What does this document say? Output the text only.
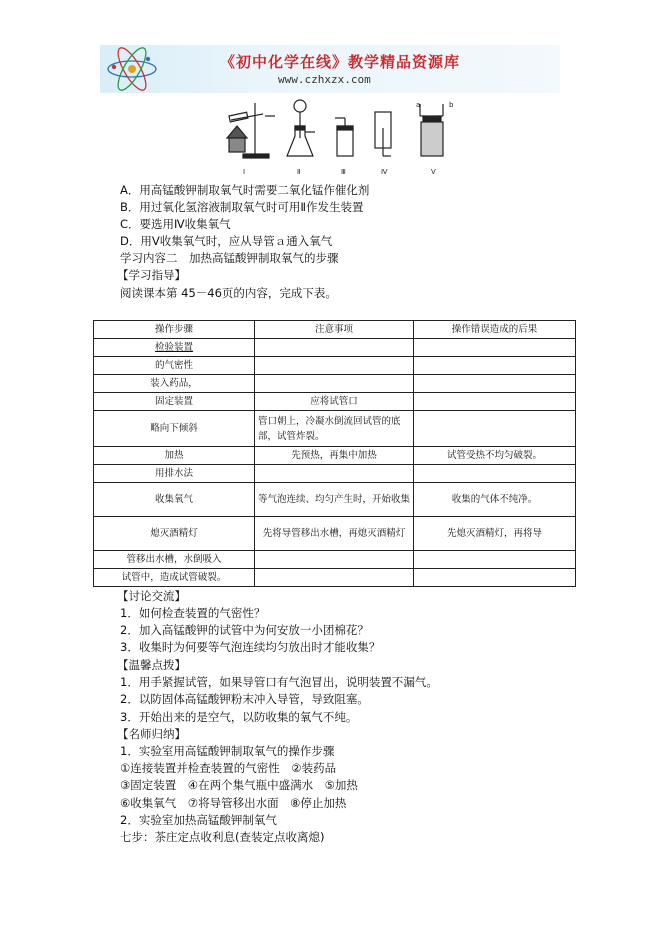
《初中化学在线》教学精品资源库
www.czhxzx.com
Ⅰ	Ⅱ	Ⅲ	Ⅳ	Ⅴ
a	b
A．用高锰酸钾制取氧气时需要二氧化锰作催化剂
B．用过氧化氢溶液制取氧气时可用Ⅱ作发生装置
C．要选用Ⅳ收集氧气
D．用Ⅴ收集氧气时，应从导管ａ通入氧气
学习内容二　加热高锰酸钾制取氧气的步骤
【学习指导】
阅读课本第 45－46页的内容，完成下表。
操作步骤	注意事项	操作错误造成的后果
检验装置		
的气密性		
装入药品，		
固定装置	应将试管口	
略向下倾斜	管口朝上，冷凝水倒流回试管的底部，试管炸裂。	
加热	先预热，再集中加热	试管受热不均匀破裂。
用排水法		
收集氧气	等气泡连续、均匀产生时，开始收集	收集的气体不纯净。
熄灭酒精灯	先将导管移出水槽，再熄灭酒精灯	先熄灭酒精灯，再将导
管移出水槽，水倒吸入		
试管中，造成试管破裂。		
【讨论交流】
1．如何检查装置的气密性？
2．加入高锰酸钾的试管中为何安放一小团棉花？
3．收集时为何要等气泡连续均匀放出时才能收集？
【温馨点拨】
1．用手紧握试管，如果导管口有气泡冒出，说明装置不漏气。
2．以防固体高锰酸钾粉末冲入导管，导致阻塞。
3．开始出来的是空气，以防收集的氧气不纯。
【名师归纳】
1．实验室用高锰酸钾制取氧气的操作步骤
①连接装置并检查装置的气密性　②装药品
③固定装置　④在两个集气瓶中盛满水　⑤加热
⑥收集氧气　⑦将导管移出水面　⑧停止加热
2．实验室加热高锰酸钾制氧气
七步：茶庄定点收利息(查装定点收离熄)
